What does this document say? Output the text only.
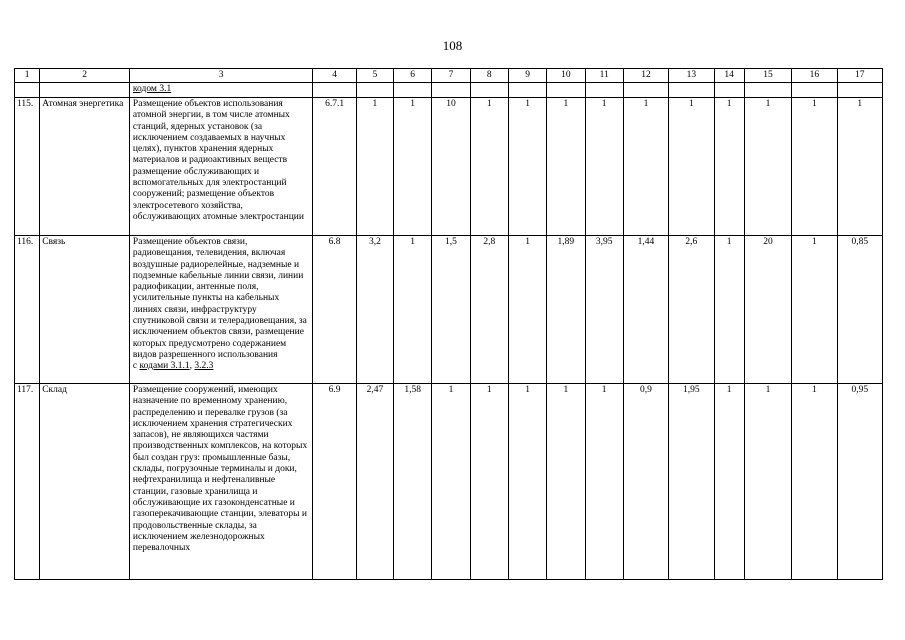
108
1	2	3	4	5	6	7	8	9	10	11	12	13	14	15	16	17
		кодом 3.1														
115.	Атомная энергетика	Размещение объектов использования атомной энергии, в том числе атомных станций, ядерных установок (за исключением создаваемых в научных целях), пунктов хранения ядерных материалов и радиоактивных веществ размещение обслуживающих и вспомогательных для электростанций сооружений; размещение объектов электросетевого хозяйства, обслуживающих атомные электростанции	6.7.1	1	1	10	1	1	1	1	1	1	1	1	1	1
116.	Связь	Размещение объектов связи, радиовещания, телевидения, включая воздушные радиорелейные, надземные и подземные кабельные линии связи, линии радиофикации, антенные поля, усилительные пункты на кабельных линиях связи, инфраструктуру спутниковой связи и телерадиовещания, за исключением объектов связи, размещение которых предусмотрено содержанием видов разрешенного использования
с кодами 3.1.1, 3.2.3	6.8	3,2	1	1,5	2,8	1	1,89	3,95	1,44	2,6	1	20	1	0,85
117.	Склад	Размещение сооружений, имеющих назначение по временному хранению, распределению и перевалке грузов (за исключением хранения стратегических запасов), не являющихся частями производственных комплексов, на которых был создан груз: промышленные базы, склады, погрузочные терминалы и доки, нефтехранилища и нефтеналивные станции, газовые хранилища и обслуживающие их газоконденсатные и газоперекачивающие станции, элеваторы и продовольственные склады, за исключением железнодорожных перевалочных	6.9	2,47	1,58	1	1	1	1	1	0,9	1,95	1	1	1	0,95
